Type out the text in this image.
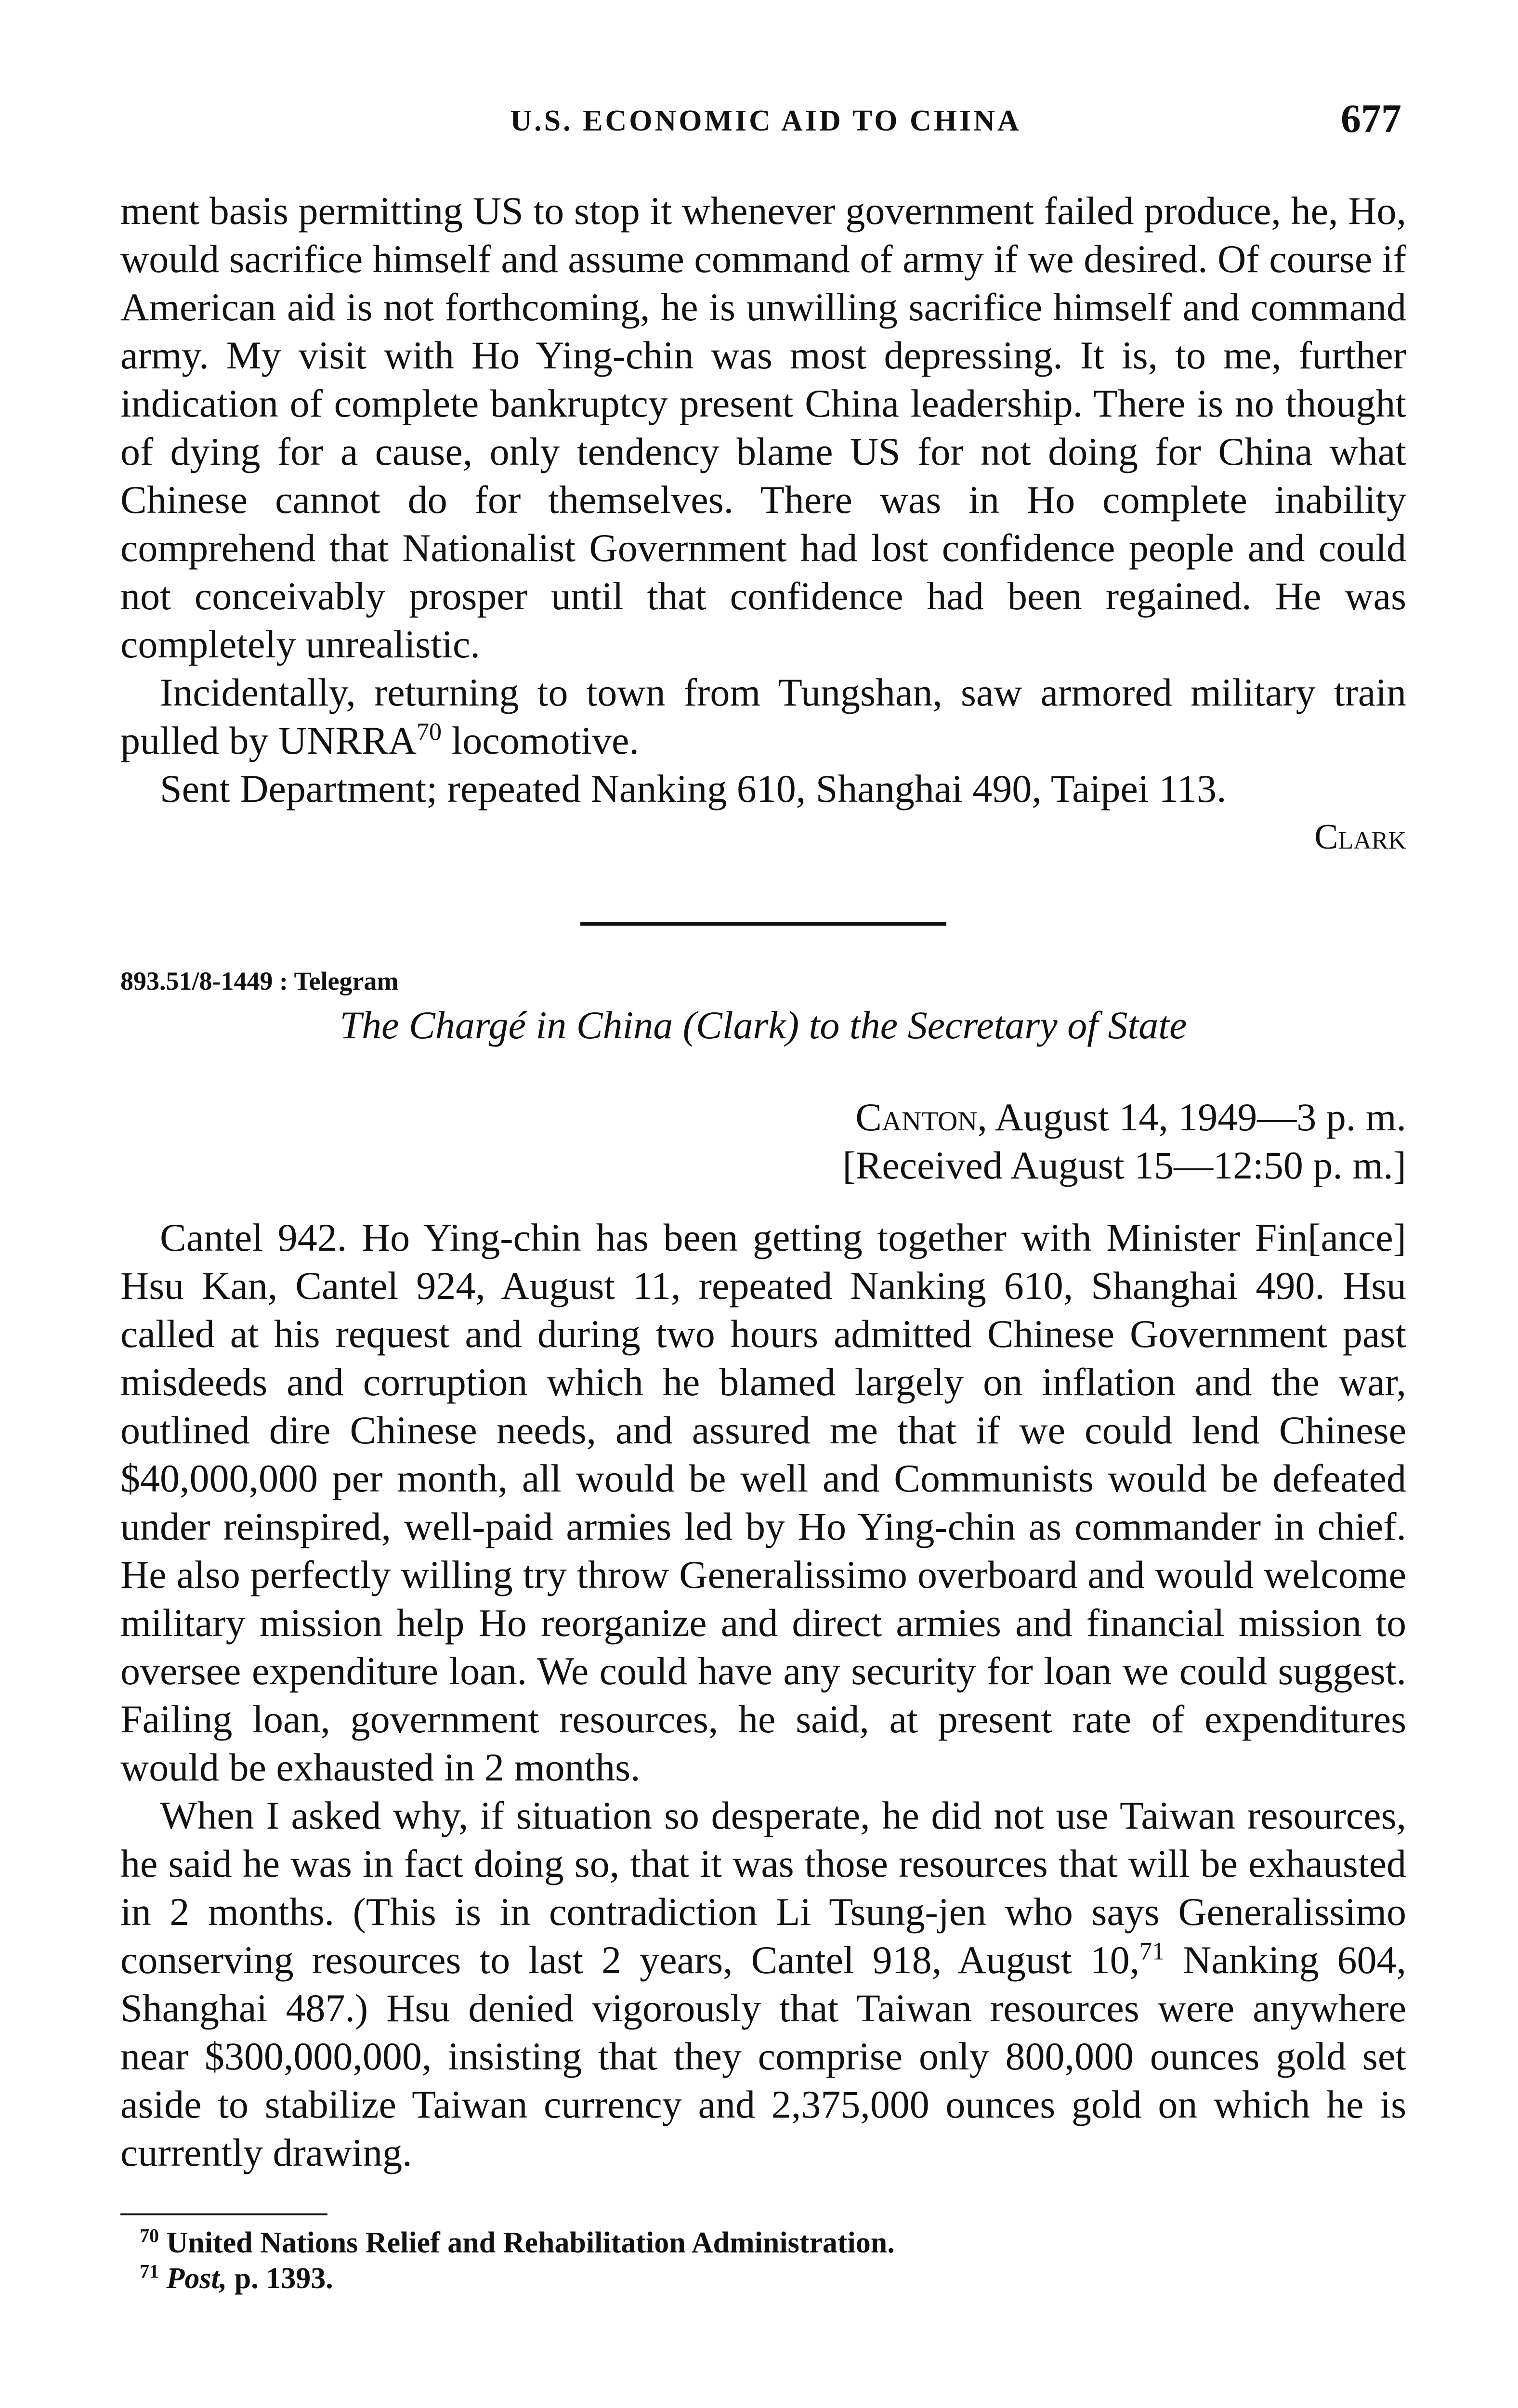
U.S. ECONOMIC AID TO CHINA	677

ment basis permitting US to stop it whenever government failed produce, he, Ho, would sacrifice himself and assume command of army if we desired. Of course if American aid is not forthcoming, he is unwilling sacrifice himself and command army. My visit with Ho Ying-chin was most depressing. It is, to me, further indication of complete bankruptcy present China leadership. There is no thought of dying for a cause, only tendency blame US for not doing for China what Chinese cannot do for themselves. There was in Ho complete inability comprehend that Nationalist Government had lost confidence people and could not conceivably prosper until that confidence had been regained. He was completely unrealistic.

Incidentally, returning to town from Tungshan, saw armored military train pulled by UNRRA$^{70}$ locomotive.

Sent Department; repeated Nanking 610, Shanghai 490, Taipei 113.

Clark

893.51/8-1449 : Telegram
The Chargé in China (Clark) to the Secretary of State
Canton, August 14, 1949—3 p. m.
[Received August 15—12:50 p. m.]

Cantel 942. Ho Ying-chin has been getting together with Minister Fin[ance] Hsu Kan, Cantel 924, August 11, repeated Nanking 610, Shanghai 490. Hsu called at his request and during two hours admitted Chinese Government past misdeeds and corruption which he blamed largely on inflation and the war, outlined dire Chinese needs, and assured me that if we could lend Chinese $40,000,000 per month, all would be well and Communists would be defeated under reinspired, well-paid armies led by Ho Ying-chin as commander in chief. He also perfectly willing try throw Generalissimo overboard and would welcome military mission help Ho reorganize and direct armies and financial mission to oversee expenditure loan. We could have any security for loan we could suggest. Failing loan, government resources, he said, at present rate of expenditures would be exhausted in 2 months.

When I asked why, if situation so desperate, he did not use Taiwan resources, he said he was in fact doing so, that it was those resources that will be exhausted in 2 months. (This is in contradiction Li Tsung-jen who says Generalissimo conserving resources to last 2 years, Cantel 918, August 10,71 Nanking 604, Shanghai 487.) Hsu denied vigorously that Taiwan resources were anywhere near $300,000,000, insisting that they comprise only 800,000 ounces gold set aside to stabilize Taiwan currency and 2,375,000 ounces gold on which he is currently drawing.

$^{70}$ United Nations Relief and Rehabilitation Administration.

$^{71}$ Post, p. 1393.
